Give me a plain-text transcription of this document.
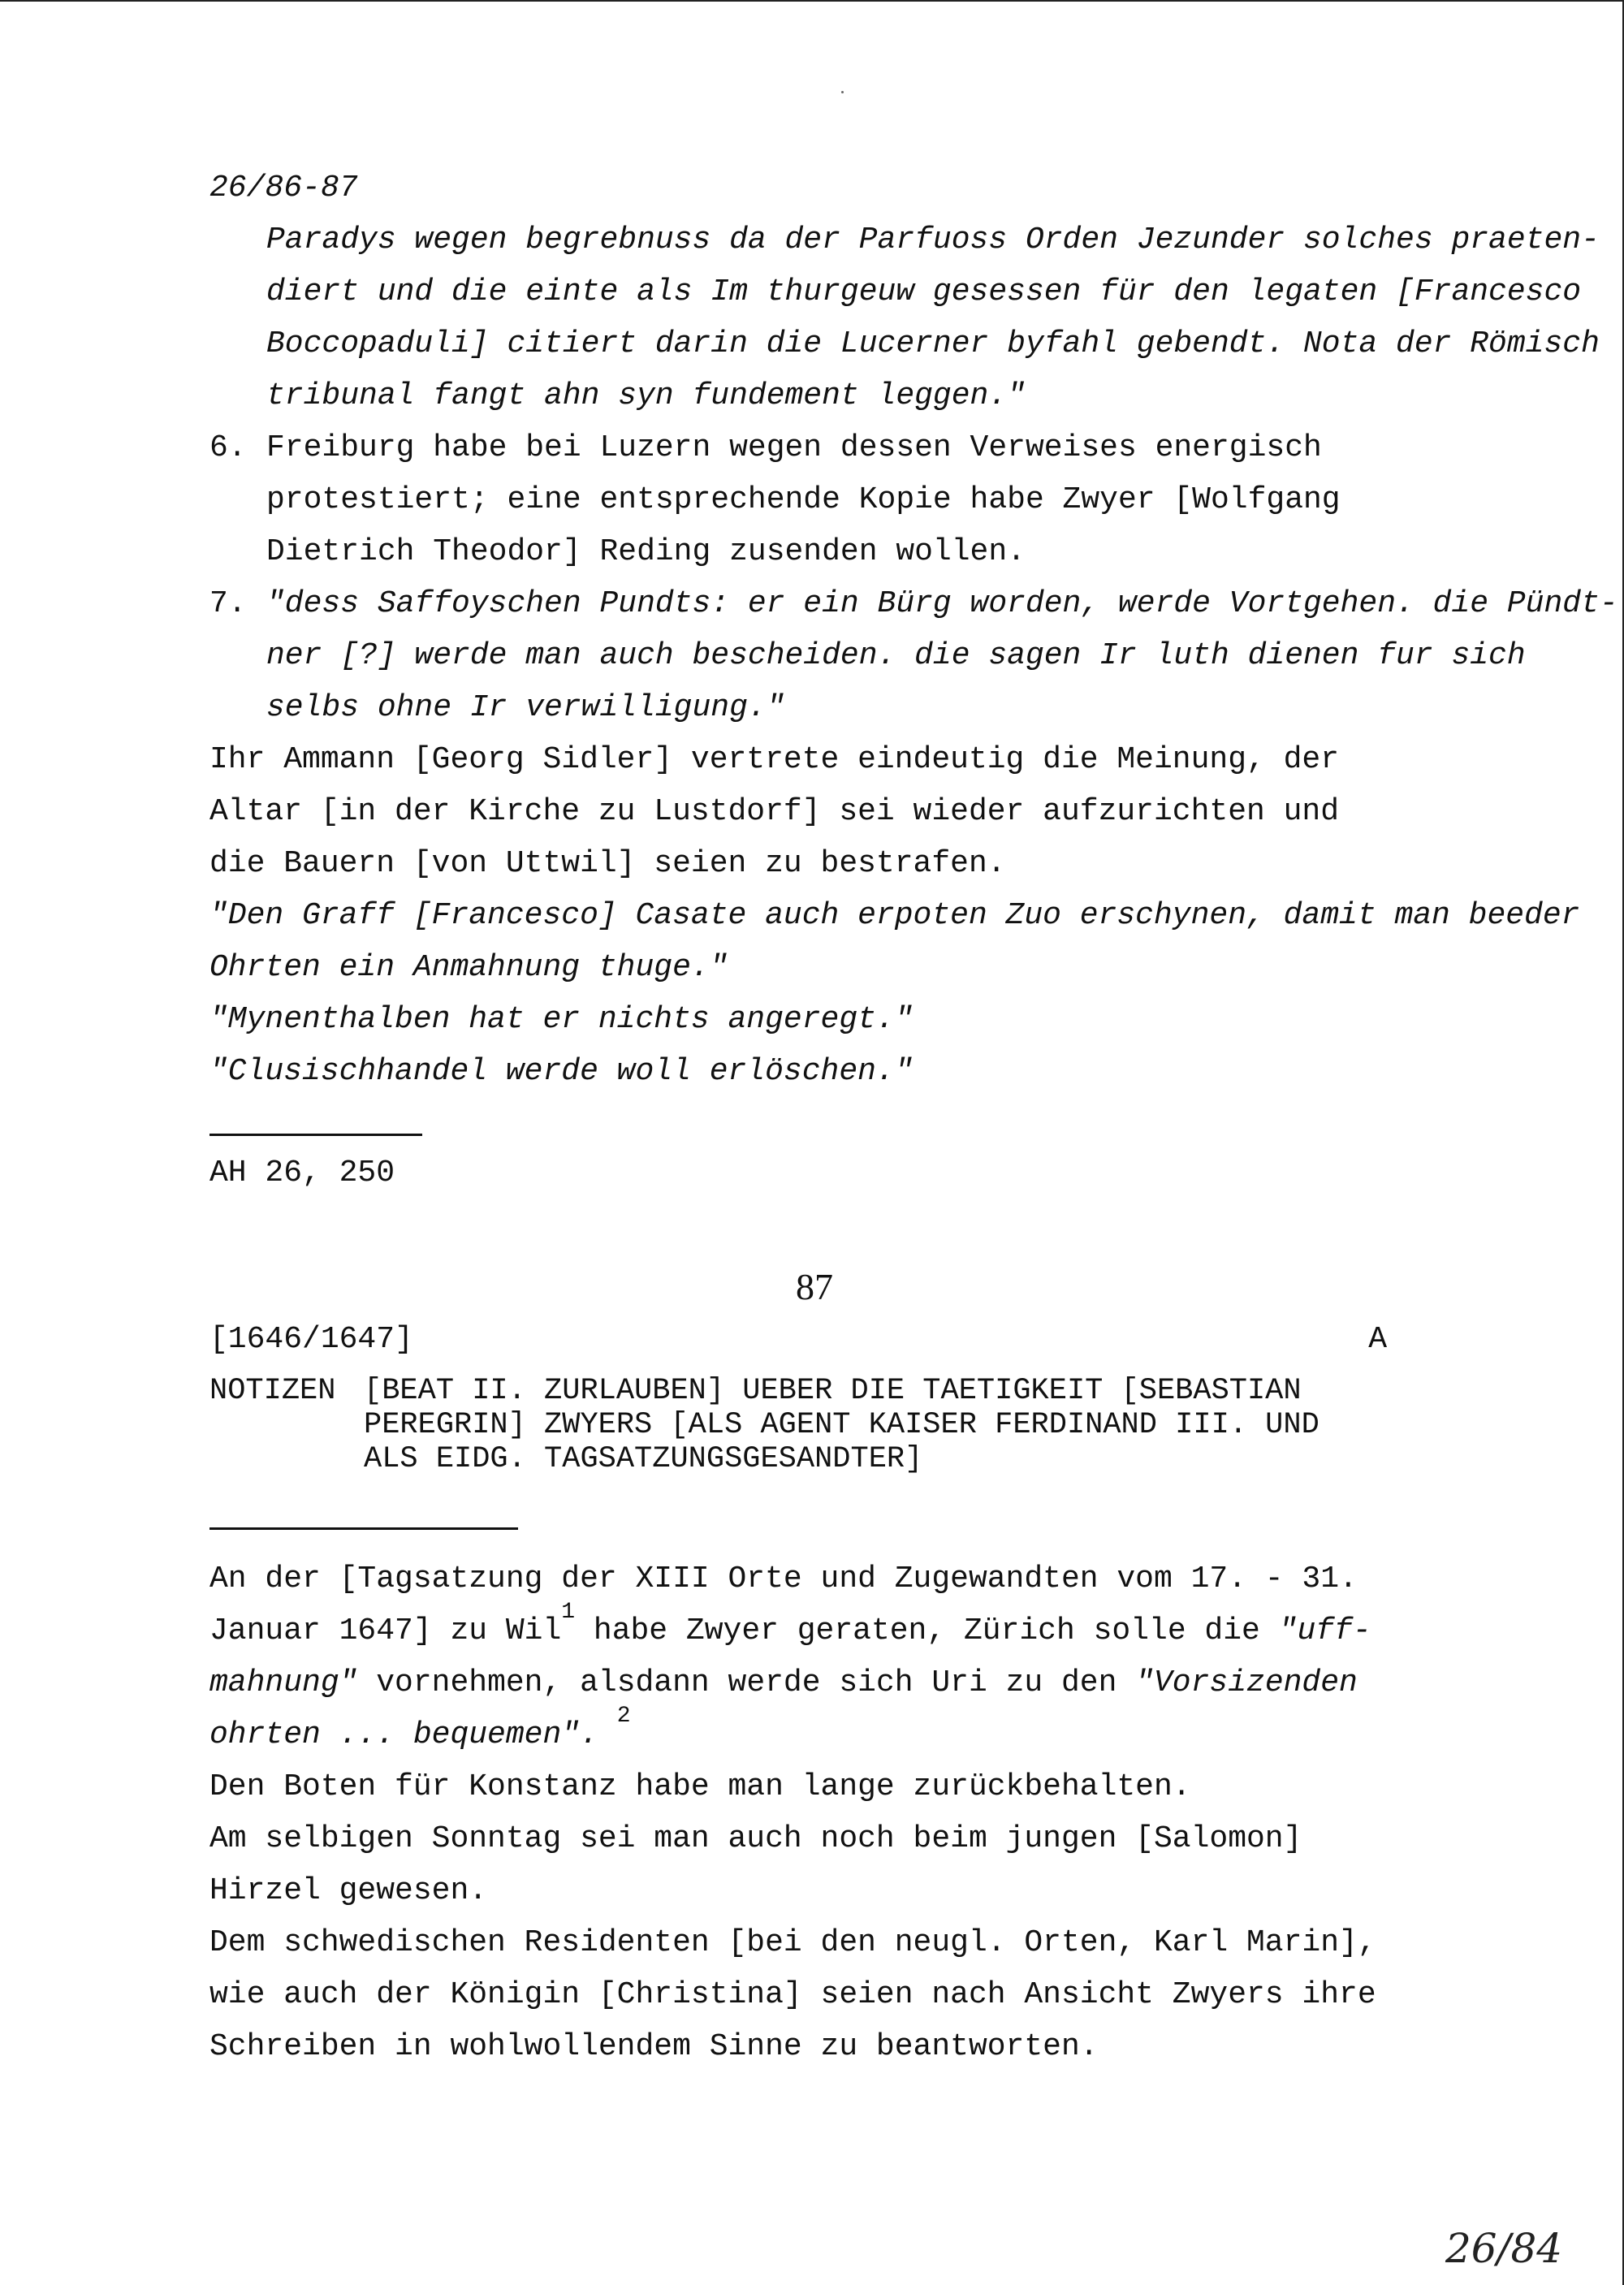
26/86-87
Paradys wegen begrebnuss da der Parfuoss Orden Jezunder solches praeten-
diert und die einte als Im thurgeuw gesessen für den legaten [Francesco
Boccopaduli] citiert darin die Lucerner byfahl gebendt. Nota der Römisch
tribunal fangt ahn syn fundement leggen."
6. Freiburg habe bei Luzern wegen dessen Verweises energisch
protestiert; eine entsprechende Kopie habe Zwyer [Wolfgang
Dietrich Theodor] Reding zusenden wollen.
7. "dess Saffoyschen Pundts: er ein Bürg worden, werde Vortgehen. die Pündt-
ner [?] werde man auch bescheiden. die sagen Ir luth dienen fur sich
selbs ohne Ir verwilligung."
Ihr Ammann [Georg Sidler] vertrete eindeutig die Meinung, der
Altar [in der Kirche zu Lustdorf] sei wieder aufzurichten und
die Bauern [von Uttwil] seien zu bestrafen.
"Den Graff [Francesco] Casate auch erpoten Zuo erschynen, damit man beeder
Ohrten ein Anmahnung thuge."
"Mynenthalben hat er nichts angeregt."
"Clusischhandel werde woll erlöschen."
AH 26, 250
87
[1646/1647]	A
NOTIZEN [BEAT II. ZURLAUBEN] UEBER DIE TAETIGKEIT [SEBASTIAN
PEREGRIN] ZWYERS [ALS AGENT KAISER FERDINAND III. UND
ALS EIDG. TAGSATZUNGSGESANDTER]
An der [Tagsatzung der XIII Orte und Zugewandten vom 17. - 31.
Januar 1647] zu Wil$^1$ habe Zwyer geraten, Zürich solle die "uff-
mahnung" vornehmen, alsdann werde sich Uri zu den "Vorsizenden
ohrten ... bequemen". $^2$
Den Boten für Konstanz habe man lange zurückbehalten.
Am selbigen Sonntag sei man auch noch beim jungen [Salomon]
Hirzel gewesen.
Dem schwedischen Residenten [bei den neugl. Orten, Karl Marin],
wie auch der Königin [Christina] seien nach Ansicht Zwyers ihre
Schreiben in wohlwollendem Sinne zu beantworten.
26/84
